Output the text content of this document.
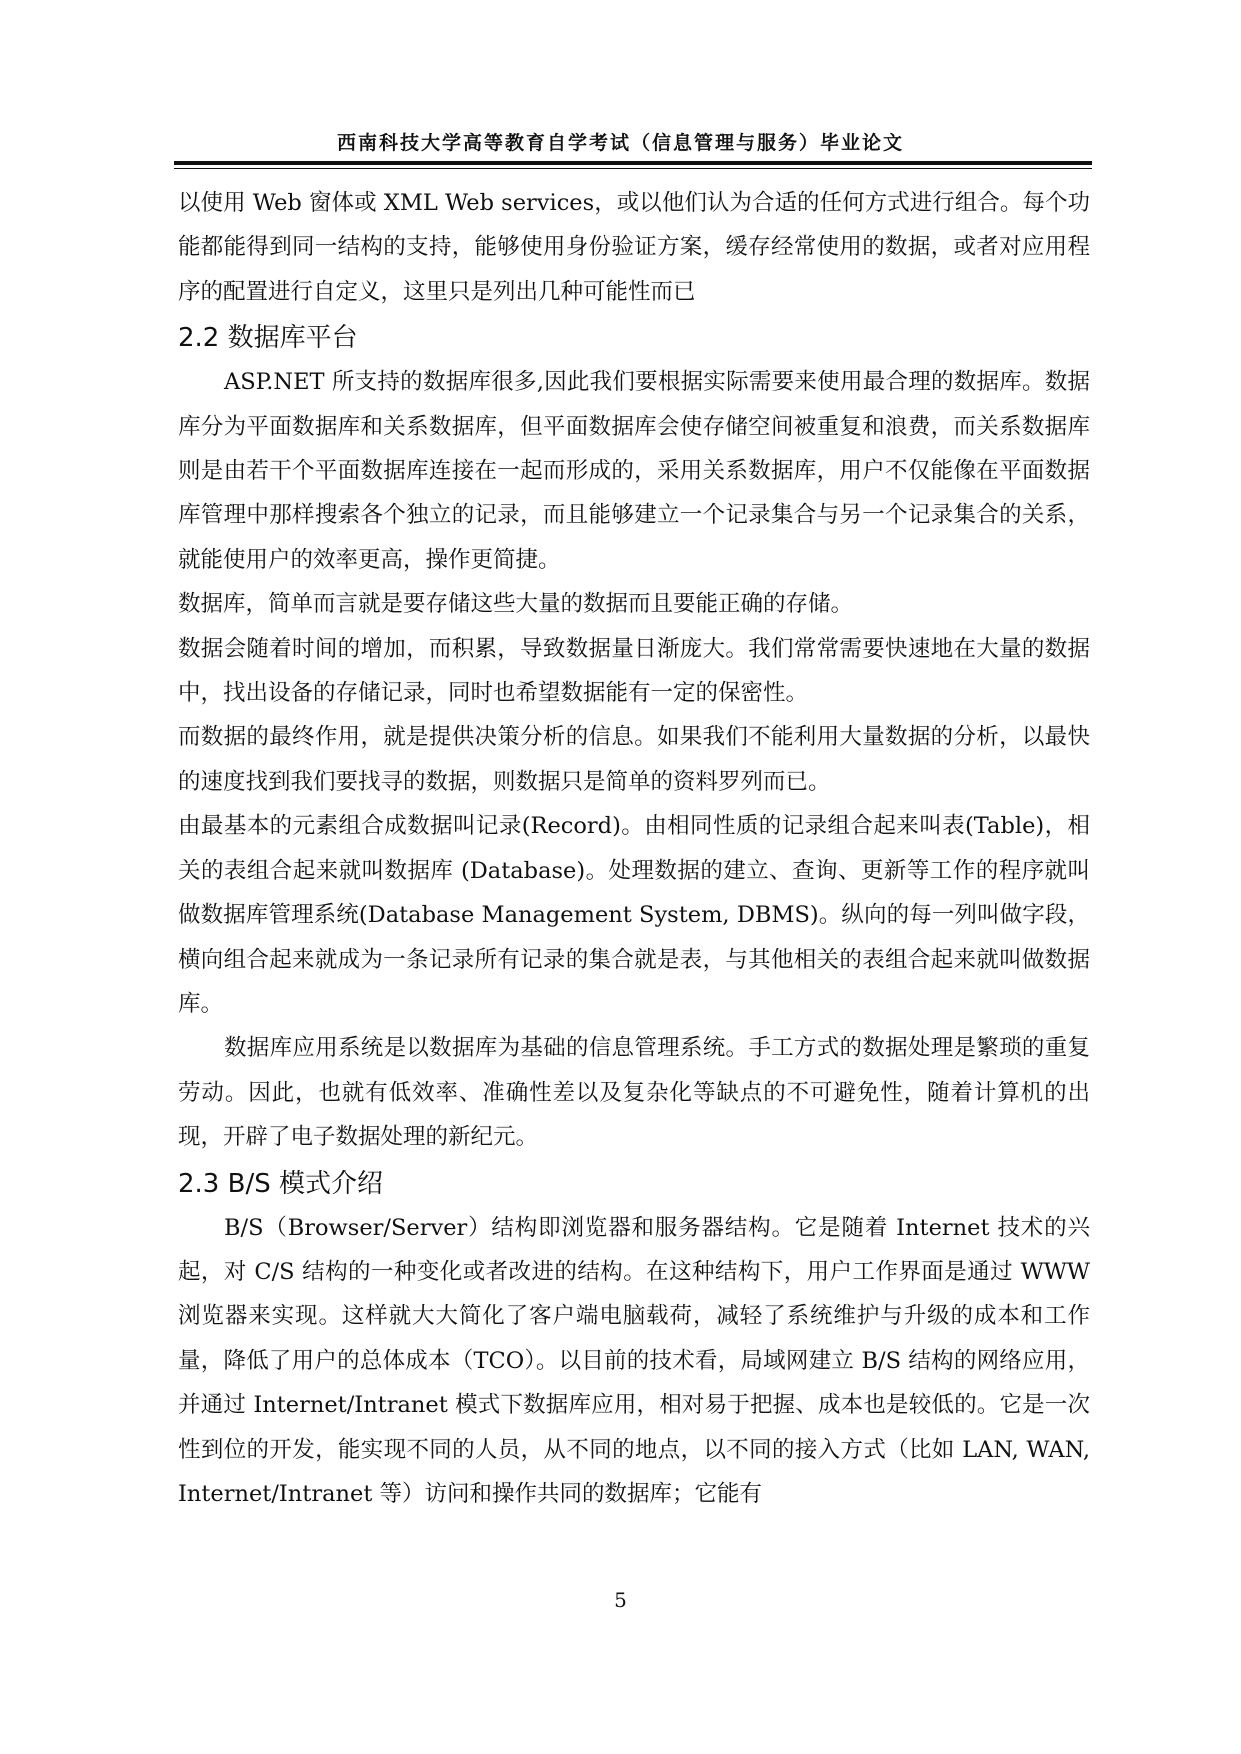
西南科技大学高等教育自学考试（信息管理与服务）毕业论文

以使用 Web 窗体或 XML Web services，或以他们认为合适的任何方式进行组合。每个功能都能得到同一结构的支持，能够使用身份验证方案，缓存经常使用的数据，或者对应用程序的配置进行自定义，这里只是列出几种可能性而已

2.2 数据库平台

ASP.NET 所支持的数据库很多,因此我们要根据实际需要来使用最合理的数据库。数据库分为平面数据库和关系数据库，但平面数据库会使存储空间被重复和浪费，而关系数据库则是由若干个平面数据库连接在一起而形成的，采用关系数据库，用户不仅能像在平面数据库管理中那样搜索各个独立的记录，而且能够建立一个记录集合与另一个记录集合的关系，就能使用户的效率更高，操作更简捷。

数据库，简单而言就是要存储这些大量的数据而且要能正确的存储。

数据会随着时间的增加，而积累，导致数据量日渐庞大。我们常常需要快速地在大量的数据中，找出设备的存储记录，同时也希望数据能有一定的保密性。

而数据的最终作用，就是提供决策分析的信息。如果我们不能利用大量数据的分析，以最快的速度找到我们要找寻的数据，则数据只是简单的资料罗列而已。

由最基本的元素组合成数据叫记录(Record)。由相同性质的记录组合起来叫表(Table)，相关的表组合起来就叫数据库 (Database)。处理数据的建立、查询、更新等工作的程序就叫做数据库管理系统(Database Management System, DBMS)。纵向的每一列叫做字段，横向组合起来就成为一条记录所有记录的集合就是表，与其他相关的表组合起来就叫做数据库。

数据库应用系统是以数据库为基础的信息管理系统。手工方式的数据处理是繁琐的重复劳动。因此，也就有低效率、准确性差以及复杂化等缺点的不可避免性，随着计算机的出现，开辟了电子数据处理的新纪元。

2.3 B/S 模式介绍

B/S（Browser/Server）结构即浏览器和服务器结构。它是随着 Internet 技术的兴起，对 C/S 结构的一种变化或者改进的结构。在这种结构下，用户工作界面是通过 WWW 浏览器来实现。这样就大大简化了客户端电脑载荷，减轻了系统维护与升级的成本和工作量，降低了用户的总体成本（TCO）。以目前的技术看，局域网建立 B/S 结构的网络应用，并通过 Internet/Intranet 模式下数据库应用，相对易于把握、成本也是较低的。它是一次性到位的开发，能实现不同的人员，从不同的地点，以不同的接入方式（比如 LAN, WAN, Internet/Intranet 等）访问和操作共同的数据库；它能有

5
